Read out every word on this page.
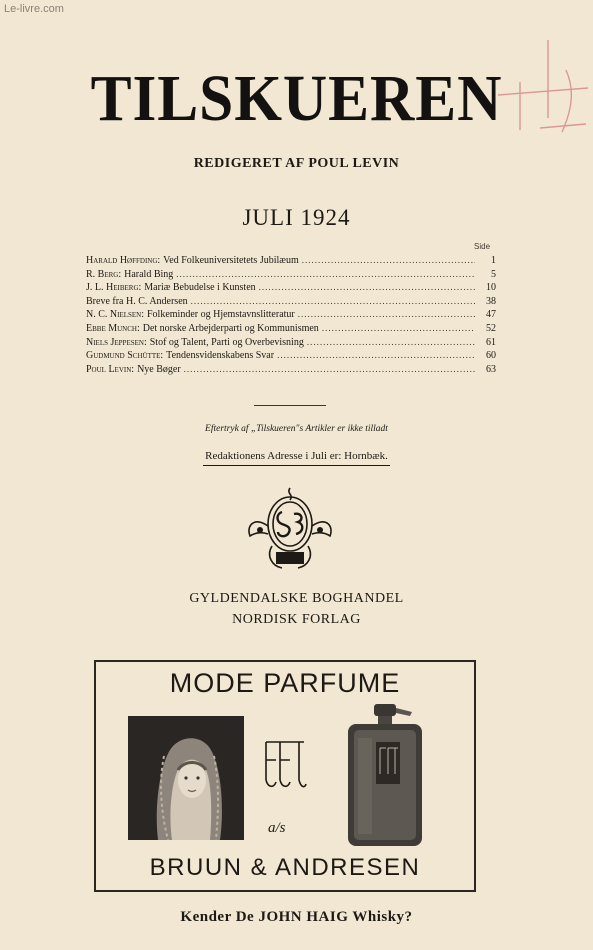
Le-livre.com
TILSKUEREN
REDIGERET AF POUL LEVIN
JULI 1924
Side
Harald Høffding: Ved Folkeuniversitetets Jubilæum .....	1
R. Berg: Harald Bing .....	5
J. L. Heiberg: Mariæ Bebudelse i Kunsten .....	10
Breve fra H. C. Andersen .....	38
N. C. Nielsen: Folkeminder og Hjemstavnslitteratur .....	47
Ebbe Munch: Det norske Arbejderparti og Kommunismen .....	52
Niels Jeppesen: Stof og Talent, Parti og Overbevisning .....	61
Gudmund Schütte: Tendensvidenskabens Svar .....	60
Poul Levin: Nye Bøger .....	63
Eftertryk af „Tilskueren"s Artikler er ikke tilladt
Redaktionens Adresse i Juli er: Hornbæk.
GYLDENDALSKE BOGHANDEL
NORDISK FORLAG
MODE PARFUME
a/s
BRUUN & ANDRESEN
Kender De JOHN HAIG Whisky?
